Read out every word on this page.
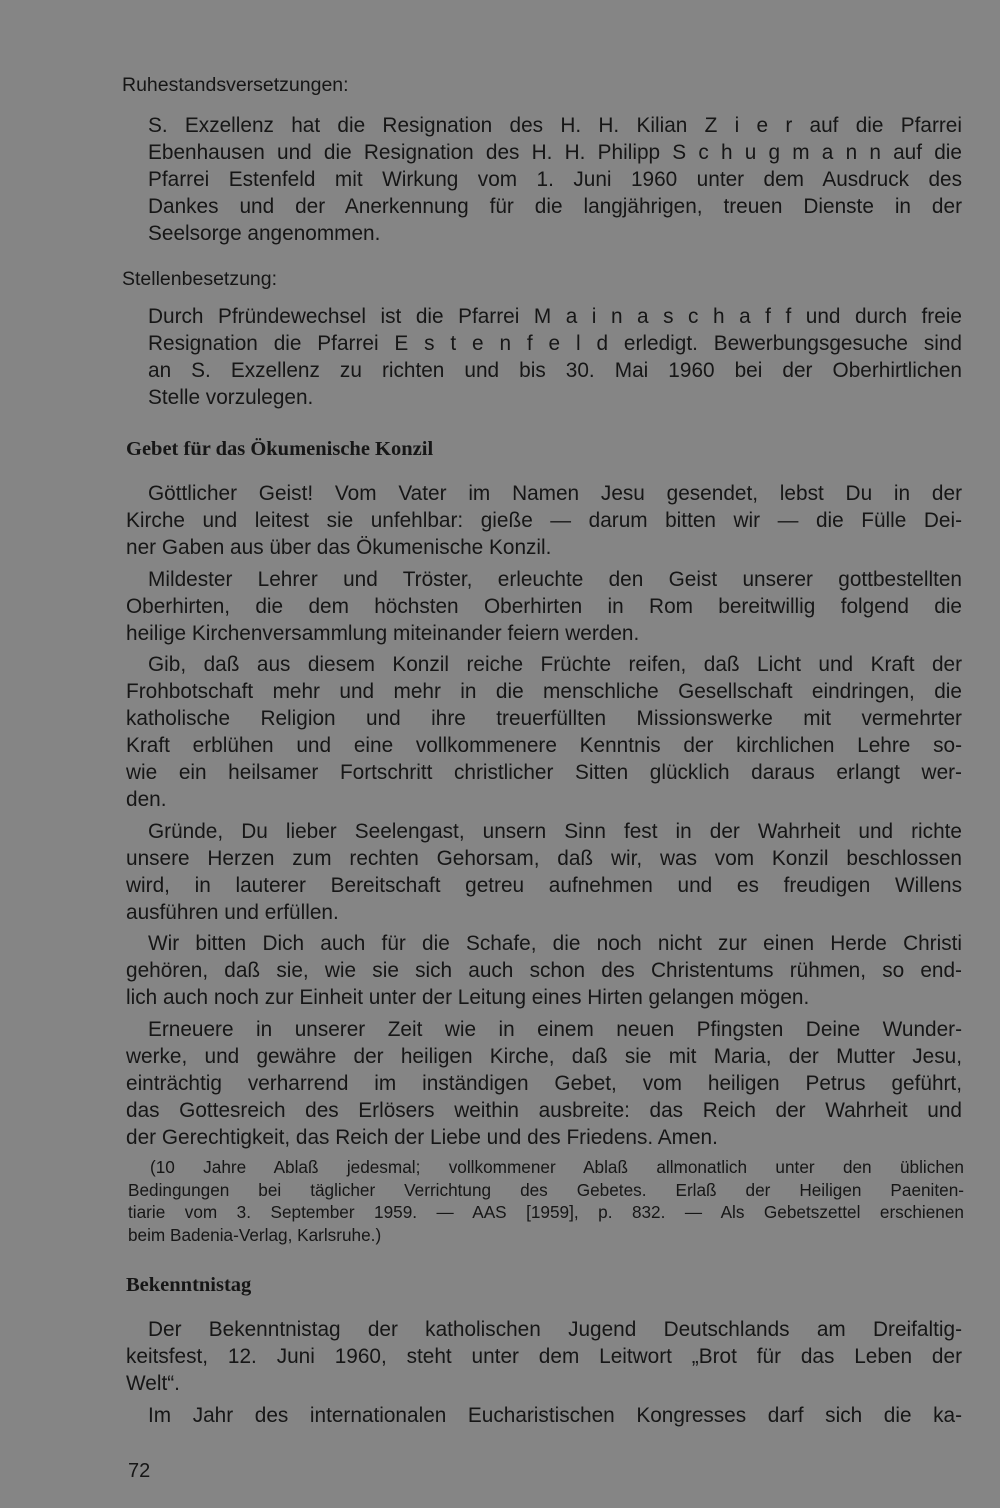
Ruhestandsversetzungen:
S. Exzellenz hat die Resignation des H. H. Kilian Z i e r auf die Pfarrei
Ebenhausen und die Resignation des H. H. Philipp S c h u g m a n n auf die
Pfarrei Estenfeld mit Wirkung vom 1. Juni 1960 unter dem Ausdruck des
Dankes und der Anerkennung für die langjährigen, treuen Dienste in der
Seelsorge angenommen.
Stellenbesetzung:
Durch Pfründewechsel ist die Pfarrei M a i n a s c h a f f und durch freie
Resignation die Pfarrei E s t e n f e l d erledigt. Bewerbungsgesuche sind
an S. Exzellenz zu richten und bis 30. Mai 1960 bei der Oberhirtlichen
Stelle vorzulegen.
Gebet für das Ökumenische Konzil
Göttlicher Geist! Vom Vater im Namen Jesu gesendet, lebst Du in der
Kirche und leitest sie unfehlbar: gieße — darum bitten wir — die Fülle Dei-
ner Gaben aus über das Ökumenische Konzil.
Mildester Lehrer und Tröster, erleuchte den Geist unserer gottbestellten
Oberhirten, die dem höchsten Oberhirten in Rom bereitwillig folgend die
heilige Kirchenversammlung miteinander feiern werden.
Gib, daß aus diesem Konzil reiche Früchte reifen, daß Licht und Kraft der
Frohbotschaft mehr und mehr in die menschliche Gesellschaft eindringen, die
katholische Religion und ihre treuerfüllten Missionswerke mit vermehrter
Kraft erblühen und eine vollkommenere Kenntnis der kirchlichen Lehre so-
wie ein heilsamer Fortschritt christlicher Sitten glücklich daraus erlangt wer-
den.
Gründe, Du lieber Seelengast, unsern Sinn fest in der Wahrheit und richte
unsere Herzen zum rechten Gehorsam, daß wir, was vom Konzil beschlossen
wird, in lauterer Bereitschaft getreu aufnehmen und es freudigen Willens
ausführen und erfüllen.
Wir bitten Dich auch für die Schafe, die noch nicht zur einen Herde Christi
gehören, daß sie, wie sie sich auch schon des Christentums rühmen, so end-
lich auch noch zur Einheit unter der Leitung eines Hirten gelangen mögen.
Erneuere in unserer Zeit wie in einem neuen Pfingsten Deine Wunder-
werke, und gewähre der heiligen Kirche, daß sie mit Maria, der Mutter Jesu,
einträchtig verharrend im inständigen Gebet, vom heiligen Petrus geführt,
das Gottesreich des Erlösers weithin ausbreite: das Reich der Wahrheit und
der Gerechtigkeit, das Reich der Liebe und des Friedens. Amen.
(10 Jahre Ablaß jedesmal; vollkommener Ablaß allmonatlich unter den üblichen
Bedingungen bei täglicher Verrichtung des Gebetes. Erlaß der Heiligen Paeniten-
tiarie vom 3. September 1959. — AAS [1959], p. 832. — Als Gebetszettel erschienen
beim Badenia-Verlag, Karlsruhe.)
Bekenntnistag
Der Bekenntnistag der katholischen Jugend Deutschlands am Dreifaltig-
keitsfest, 12. Juni 1960, steht unter dem Leitwort „Brot für das Leben der
Welt“.
Im Jahr des internationalen Eucharistischen Kongresses darf sich die ka-
72
